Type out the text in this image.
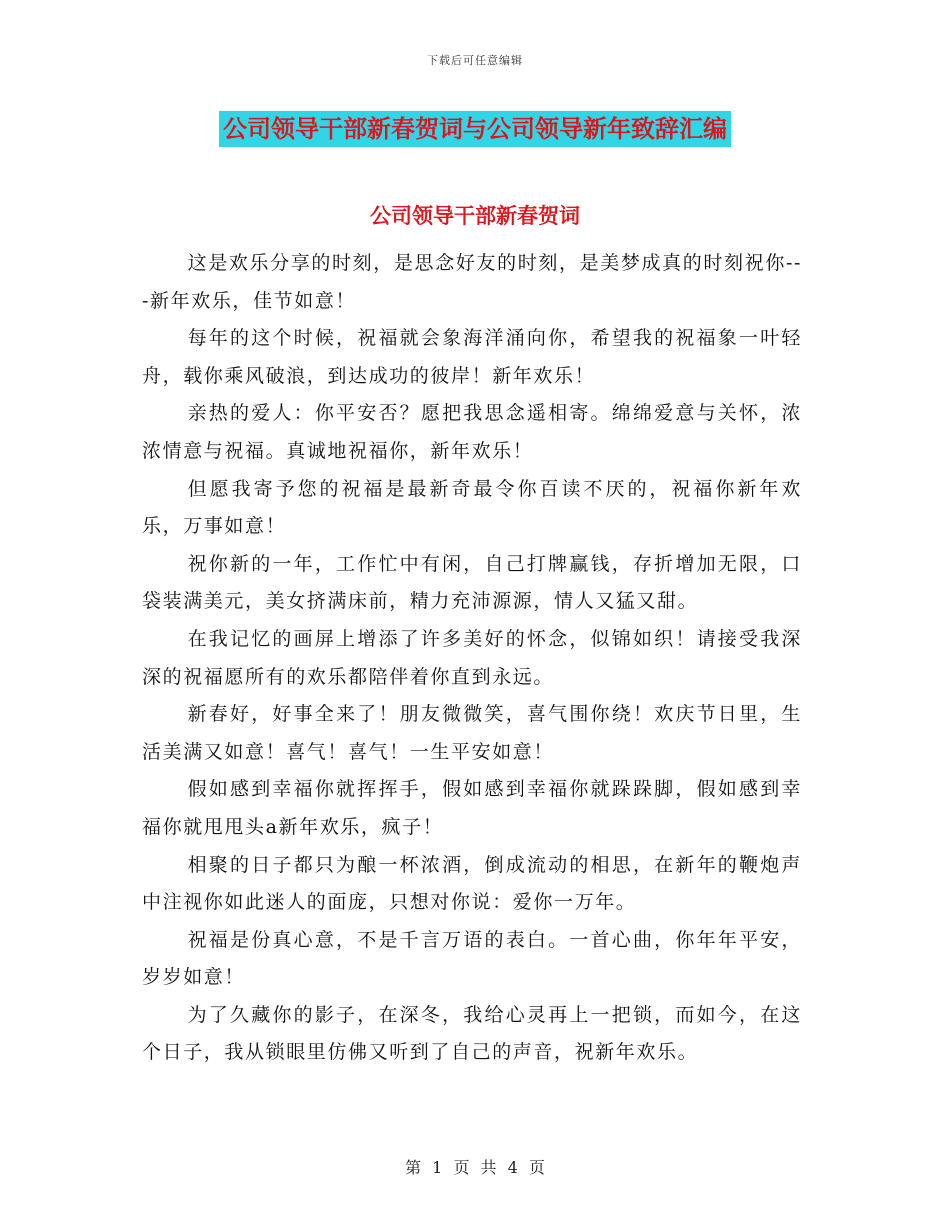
下载后可任意编辑
公司领导干部新春贺词与公司领导新年致辞汇编
公司领导干部新春贺词

这是欢乐分享的时刻，是思念好友的时刻，是美梦成真的时刻祝你---新年欢乐，佳节如意！

每年的这个时候，祝福就会象海洋涌向你，希望我的祝福象一叶轻舟，载你乘风破浪，到达成功的彼岸！新年欢乐！

亲热的爱人：你平安否？愿把我思念遥相寄。绵绵爱意与关怀，浓浓情意与祝福。真诚地祝福你，新年欢乐！

但愿我寄予您的祝福是最新奇最令你百读不厌的，祝福你新年欢乐，万事如意！

祝你新的一年，工作忙中有闲，自己打牌赢钱，存折增加无限，口袋装满美元，美女挤满床前，精力充沛源源，情人又猛又甜。

在我记忆的画屏上增添了许多美好的怀念，似锦如织！请接受我深深的祝福愿所有的欢乐都陪伴着你直到永远。

新春好，好事全来了！朋友微微笑，喜气围你绕！欢庆节日里，生活美满又如意！喜气！喜气！一生平安如意！

假如感到幸福你就挥挥手，假如感到幸福你就跺跺脚，假如感到幸福你就甩甩头a新年欢乐，疯子！

相聚的日子都只为酿一杯浓酒，倒成流动的相思，在新年的鞭炮声中注视你如此迷人的面庞，只想对你说：爱你一万年。

祝福是份真心意，不是千言万语的表白。一首心曲，你年年平安，岁岁如意！

为了久藏你的影子，在深冬，我给心灵再上一把锁，而如今，在这个日子，我从锁眼里仿佛又听到了自己的声音，祝新年欢乐。

第 1 页 共 4 页
